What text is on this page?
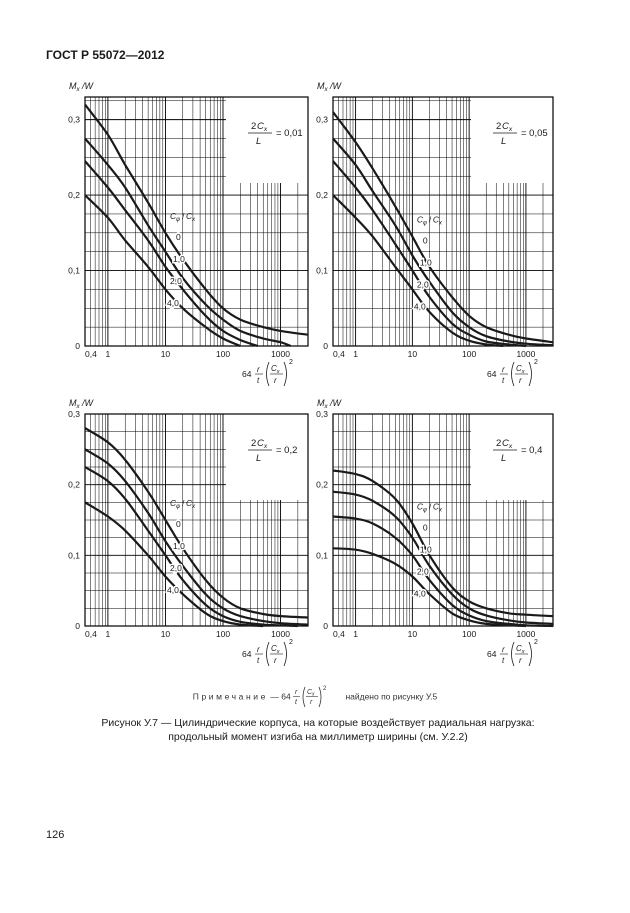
ГОСТ Р 55072—2012
2 $C_x$
L
= 0,01
$M_x$ /W
0
0,1
0,2
0,3
0,4 1	10	100	1000
64 r
t
$C_x$
r
2
$C_\varphi / C_x$
0
1,0
2,0
4,0
2 $C_x$
L
= 0,05
$M_x$ /W
0
0,1
0,2
0,3
0,4 1	10	100	1000
64 r
t
$C_x$
r
2
$C_\varphi / C_x$
0
1,0
2,0
4,0
2 $C_x$
L
= 0,2
$M_x$ /W
0
0,1
0,2
0,3
0,4 1	10	100	1000
64 r
t
$C_x$
r
2
$C_\varphi / C_x$
0
1,0
2,0
4,0
2 $C_x$
L
= 0,4
$M_x$ /W
0
0,1
0,2
0,3
0,4 1	10	100	1000
64 r
t
$C_x$
r
2
$C_\varphi / C_x$
0
1,0
2,0
4,0
Примечание — 64 r
t
C x
r
2
найдено по рисунку У.5
Рисунок У.7 — Цилиндрические корпуса, на которые воздействует радиальная нагрузка:
продольный момент изгиба на миллиметр ширины (см. У.2.2)
126
